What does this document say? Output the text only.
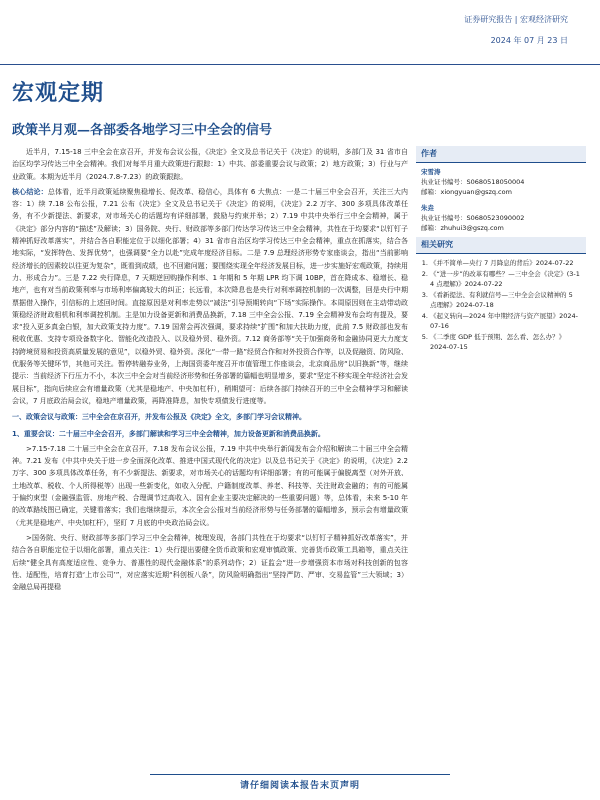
证券研究报告 | 宏观经济研究
2024 年 07 月 23 日
宏观定期
政策半月观—各部委各地学习三中全会的信号

近半月，7.15-18 三中全会在京召开，并发布会议公报，《决定》全文及总书记关于《决定》的说明，多部门及 31 省市自治区均学习传达三中全会精神。我们对每半月重大政策进行跟踪：1）中共、部委重要会议与政策；2）地方政策；3）行业与产业政策。本期为近半月（2024.7.8-7.23）的政策跟踪。

核心结论：总体看，近半月政策延续聚焦稳增长、促改革、稳信心，具体有 6 大焦点：一是二十届三中全会召开，关注三大内容：1）续 7.18 公布公报，7.21 公布《决定》全文及总书记关于《决定》的说明，《决定》2.2 万字、300 多项具体改革任务，有不少新提法、新要求，对市场关心的话题均有详细部署，鼓励与约束并举；2）7.19 中共中央举行三中全会精神，属于《决定》部分内容的“描述”及解读；3）国务院、央行、财政部等多部门传达学习传达三中全会精神，共性在于均要求“以钉钉子精神抓好改革落实”，并结合各自职能定位于以细化部署；4）31 省市自治区均学习传达三中全会精神，重点在抓落实，结合各地实际，“发挥特色、发挥优势”，也强调要“全力以赴”完成年度经济目标。二是 7.9 总理经济形势专家座谈会，指出“当前影响经济增长的因素较以往更为复杂”，既看到成绩，也不回避问题；要围绕实现全年经济发展目标，进一步实施好宏观政策，持续用力、形成合力”。三是 7.22 央行降息，7 天期逆回购操作利率、1 年期和 5 年期 LPR 均下调 10BP，首在降成本、稳增长、稳地产，也有对当前政策利率与市场利率偏离较大的纠正；长远看，本次降息也是央行对利率调控机制的一次调整，回是央行中期票据借入操作，引信标的上述回时间。直接原因是对利率走势以“减法”引导预期转向“下场”实际操作。本周原因则在主动带动政策稳经济财政相机和利率调控机制。主是加力设备更新和消费品换新，7.18 三中全会公报、7.19 全会精神发布会均有提及，要求“投入更多真金白银，加大政策支持力度”。7.19 国常会再次强调，要求持续“扩围”和加大扶助力度，此前 7.5 财政部也发布税收优惠、支持专项设备数字化、智能化改造投入、以及稳外贸、稳外资。7.12 商务部等“关于加强商务和金融协同更大力度支持跨境贸易和投资高质量发展的意见”，以稳外贸、稳外资。深化“一带一路”经贸合作和对外投资合作等，以及促融资、防风险、优服务等关键环节，其他可关注。暂停转融券业务，上海国资委年度召开市值管理工作座谈会，北京商品房“以旧换新”等，继续提示：当前经济下行压力不小，本次三中全会对当前经济形势和任务部署的篇幅也明显增多，要求“坚定不移实现全年经济社会发展目标”，指向后续应会有增量政策（尤其是稳地产、中央加杠杆），稍期望可：后续各部门持续召开的三中全会精神学习和解读会议，7 月底政治局会议，稳地产增量政策，再降准降息，加快专项债发行进度等。

一、政策会议与政策：三中全会在京召开，并发布公报及《决定》全文，多部门学习会议精神。

1、重要会议：二十届三中全会召开，多部门解读和学习三中全会精神，加力设备更新和消费品换新。

>7.15-7.18 二十届三中全会在京召开，7.18 发布会议公报，7.19 中共中央举行新闻发布会介绍和解读二十届三中全会精神。7.21 发布《中共中央关于进一步全面深化改革、推进中国式现代化的决定》以及总书记关于《决定》的说明，《决定》2.2 万字、300 多项具体改革任务，有不少新提法、新要求，对市场关心的话题均有详细部署；有的可能属于偏脱离型（对外开放、土地改革、税收、个人所得税等）出现一些新变化，如收入分配、户籍制度改革、养老、科技等、关注财政金融的；有的可能属于偏约束型（金融强监管、房地产税、合理调节过高收入、国有企业主要决定解决的一些重要问题）等，总体看，未来 5-10 年的改革路线图已确定，关键看落实；我们也继续提示，本次全会公报对当前经济形势与任务部署的篇幅增多，预示会有增量政策（尤其是稳地产、中央加杠杆），坚盯 7 月底的中央政治局会议。

>国务院、央行、财政部等多部门学习三中全会精神，梳理发现，各部门共性在于均要求“以钉钉子精神抓好改革落实”，并结合各自职能定位于以细化部署，重点关注：1）央行提出要健全货币政策和宏观审慎政策、完善货币政策工具箱等，重点关注后续“健全具有高度适应性、竞争力、普惠性的现代金融体系”的系列动作；2）证监会“进一步增强资本市场对科技创新的包容性、适配性，培育打造‘上市公司’”，对应落实近期“科创板八条”，防风险明确指出“坚持严防、严审、交易监管”三大领域；3）金融总局再提稳

作者
宋雪涛
执业证书编号： S0680518050004
邮箱： xiongyuan@gszq.com
朱垚
执业证书编号： S0680523090002
邮箱： zhuhui3@gszq.com
相关研究
1. 《并不简单—央行 7 月降息的背后》2024-07-22
2. 《“进一步”的改革有哪些？—三中全会《决定》(3-1 4 点理解)》2024-07-22
3. 《看新提法、有利就信号—三中全会会议精神的 5 点理解》2024-07-18
4. 《起义转向—2024 年中期经济与资产展望》2024-07-16
5. 《二季度 GDP 低于预期、怎么看、怎么办？》2024-07-15
请仔细阅读本报告末页声明
